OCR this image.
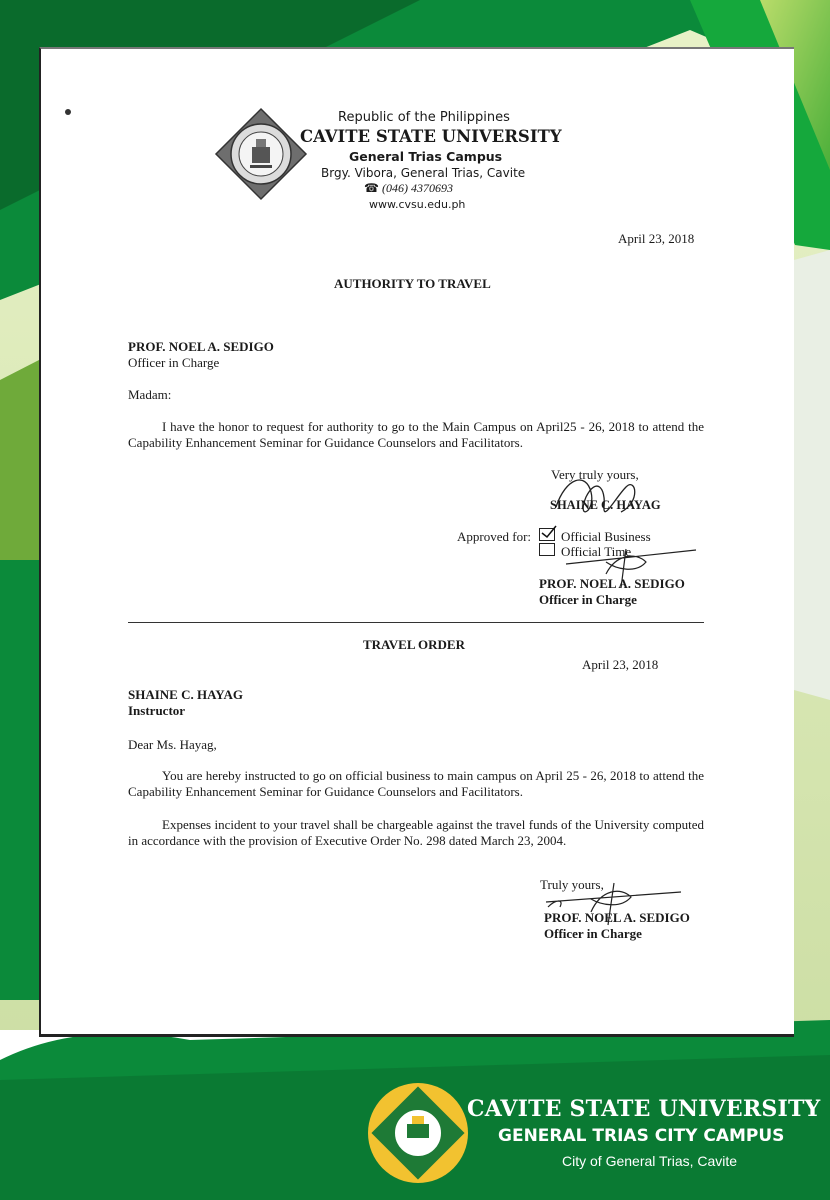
Republic of the Philippines
CAVITE STATE UNIVERSITY
General Trias Campus
Brgy. Vibora, General Trias, Cavite
☎ (046) 4370693
www.cvsu.edu.ph
April 23, 2018
AUTHORITY TO TRAVEL
PROF. NOEL A. SEDIGO
Officer in Charge
Madam:
I have the honor to request for authority to go to the Main Campus on April25 - 26, 2018 to attend the Capability Enhancement Seminar for Guidance Counselors and Facilitators.
Very truly yours,
SHAINE C. HAYAG
Approved for: Official Business
Official Time
PROF. NOEL A. SEDIGO
Officer in Charge
TRAVEL ORDER
April 23, 2018
SHAINE C. HAYAG
Instructor
Dear Ms. Hayag,
You are hereby instructed to go on official business to main campus on April 25 - 26, 2018 to attend the Capability Enhancement Seminar for Guidance Counselors and Facilitators.
Expenses incident to your travel shall be chargeable against the travel funds of the University computed in accordance with the provision of Executive Order No. 298 dated March 23, 2004.
Truly yours,
PROF. NOEL A. SEDIGO
Officer in Charge
CAVITE STATE UNIVERSITY
GENERAL TRIAS CITY CAMPUS
City of General Trias, Cavite
